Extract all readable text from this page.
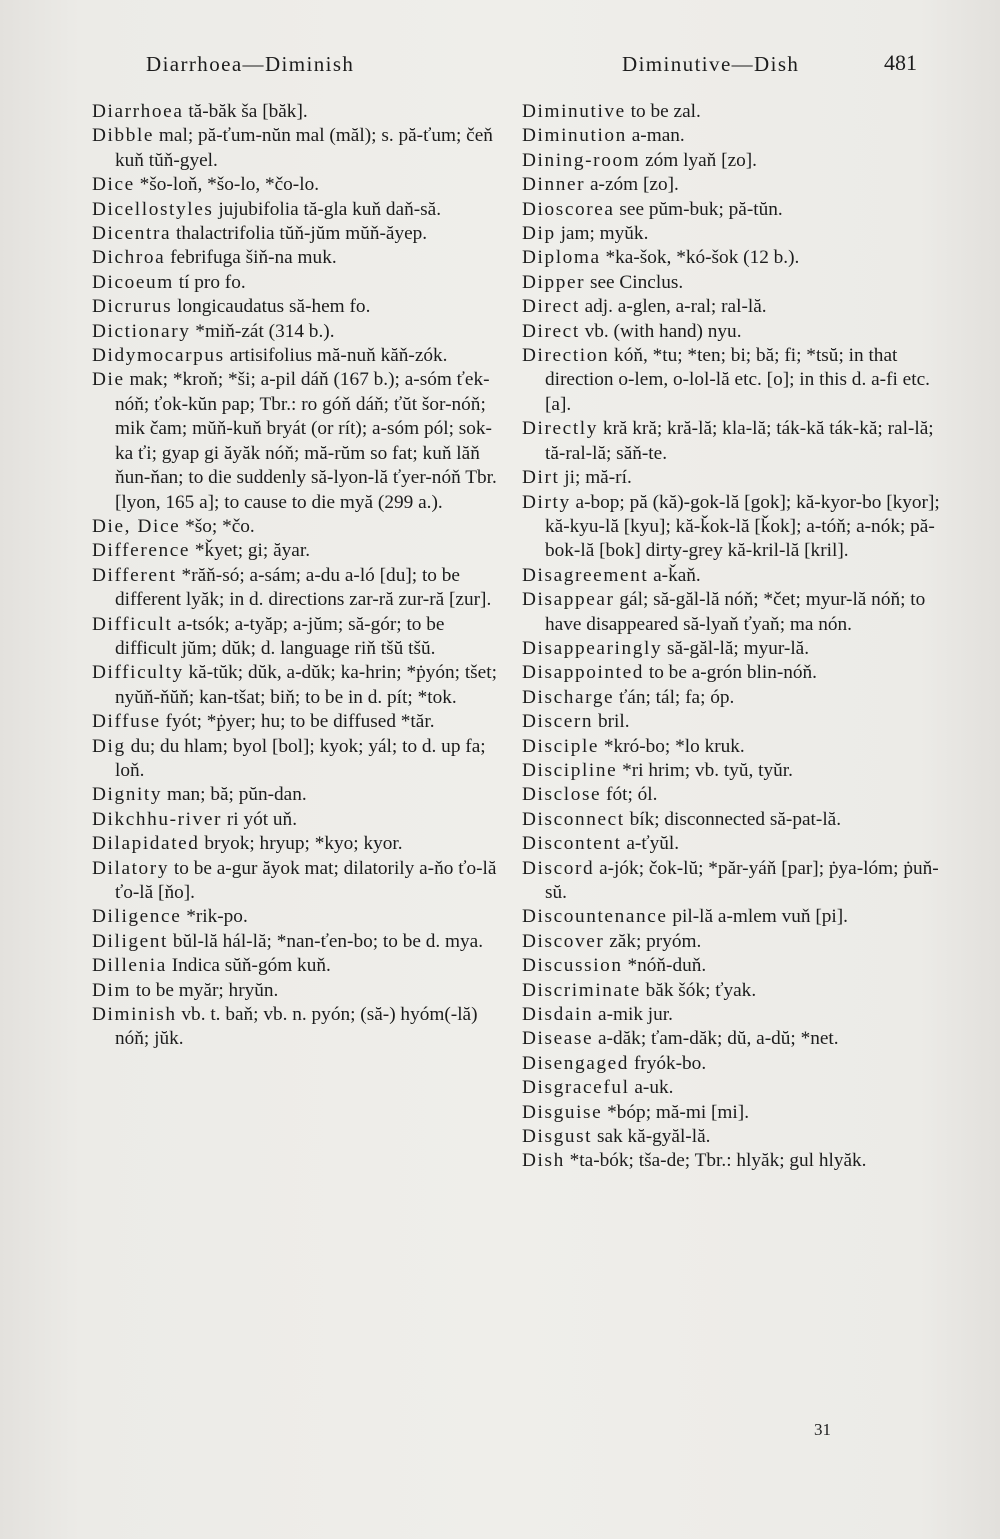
Diarrhoea—Diminish	Diminutive—Dish	481

Diarrhoea tă-băk ša [băk].

Dibble mal; pă-ťum-nŭn mal (măl); s. pă-ťum; čeň kuň tŭň-gyel.

Dice *šo-loň, *šo-lo, *čo-lo.

Dicellostyles jujubifolia tă-gla kuň daň-să.

Dicentra thalactrifolia tŭň-jŭm mŭň-ăyep.

Dichroa febrifuga šiň-na muk.

Dicoeum tí pro fo.

Dicrurus longicaudatus să-hem fo.

Dictionary *miň-zát (314 b.).

Didymocarpus artisifolius mă-nuň kăň-zók.

Die mak; *kroň; *ši; a-pil dáň (167 b.); a-sóm ťek-nóň; ťok-kŭn pap; Tbr.: ro góň dáň; ťŭt šor-nóň; mik čam; mŭň-kuň bryát (or rít); a-sóm pól; sok-ka ťi; gyap gi ăyăk nóň; mă-rŭm so fat; kuň lăň ňun-ňan; to die suddenly să-lyon-lă ťyer-nóň Tbr. [lyon, 165 a]; to cause to die myă (299 a.).

Die, Dice *šo; *čo.

Difference *ǩyet; gi; ăyar.

Different *răň-só; a-sám; a-du a-ló [du]; to be different lyăk; in d. directions zar-ră zur-ră [zur].

Difficult a-tsók; a-tyăp; a-jŭm; să-gór; to be difficult jŭm; dŭk; d. language riň tšŭ tšŭ.

Difficulty kă-tŭk; dŭk, a-dŭk; ka-hrin; *ṗyón; tšet; nyŭň-ňŭň; kan-tšat; biň; to be in d. pít; *tok.

Diffuse fyót; *ṗyer; hu; to be diffused *tăr.

Dig du; du hlam; byol [bol]; kyok; yál; to d. up fa; loň.

Dignity man; bă; pŭn-dan.

Dikchhu-river ri yót uň.

Dilapidated bryok; hryup; *kyo; kyor.

Dilatory to be a-gur ăyok mat; dilatorily a-ňo ťo-lă ťo-lă [ňo].

Diligence *rik-po.

Diligent bŭl-lă hál-lă; *nan-ťen-bo; to be d. mya.

Dillenia Indica sŭň-góm kuň.

Dim to be myăr; hryŭn.

Diminish vb. t. baň; vb. n. pyón; (să-) hyóm(-lă) nóň; jŭk.

Diminutive to be zal.

Diminution a-man.

Dining-room zóm lyaň [zo].

Dinner a-zóm [zo].

Dioscorea see pŭm-buk; pă-tŭn.

Dip jam; myŭk.

Diploma *ka-šok, *kó-šok (12 b.).

Dipper see Cinclus.

Direct adj. a-glen, a-ral; ral-lă.

Direct vb. (with hand) nyu.

Direction kóň, *tu; *ten; bi; bă; fi; *tsŭ; in that direction o-lem, o-lol-lă etc. [o]; in this d. a-fi etc. [a].

Directly kră kră; kră-lă; kla-lă; ták-kă ták-kă; ral-lă; tă-ral-lă; săň-te.

Dirt ji; mă-rí.

Dirty a-bop; pă (kă)-gok-lă [gok]; kă-kyor-bo [kyor]; kă-kyu-lă [kyu]; kă-ǩok-lă [ǩok]; a-tóň; a-nók; pă-bok-lă [bok] dirty-grey kă-kril-lă [kril].

Disagreement a-ǩaň.

Disappear gál; să-găl-lă nóň; *čet; myur-lă nóň; to have disappeared să-lyaň ťyaň; ma nón.

Disappearingly să-găl-lă; myur-lă.

Disappointed to be a-grón blin-nóň.

Discharge ťán; tál; fa; óp.

Discern bril.

Disciple *kró-bo; *lo kruk.

Discipline *ri hrim; vb. tyŭ, tyŭr.

Disclose fót; ól.

Disconnect bík; disconnected să-pat-lă.

Discontent a-ťyŭl.

Discord a-jók; čok-lŭ; *păr-yáň [par]; ṗya-lóm; ṗuň-sŭ.

Discountenance pil-lă a-mlem vuň [pi].

Discover zăk; pryóm.

Discussion *nóň-duň.

Discriminate băk šók; ťyak.

Disdain a-mik jur.

Disease a-dăk; ťam-dăk; dŭ, a-dŭ; *net.

Disengaged fryók-bo.

Disgraceful a-uk.

Disguise *bóp; mă-mi [mi].

Disgust sak kă-gyăl-lă.

Dish *ta-bók; tša-de; Tbr.: hlyăk; gul hlyăk.

31
